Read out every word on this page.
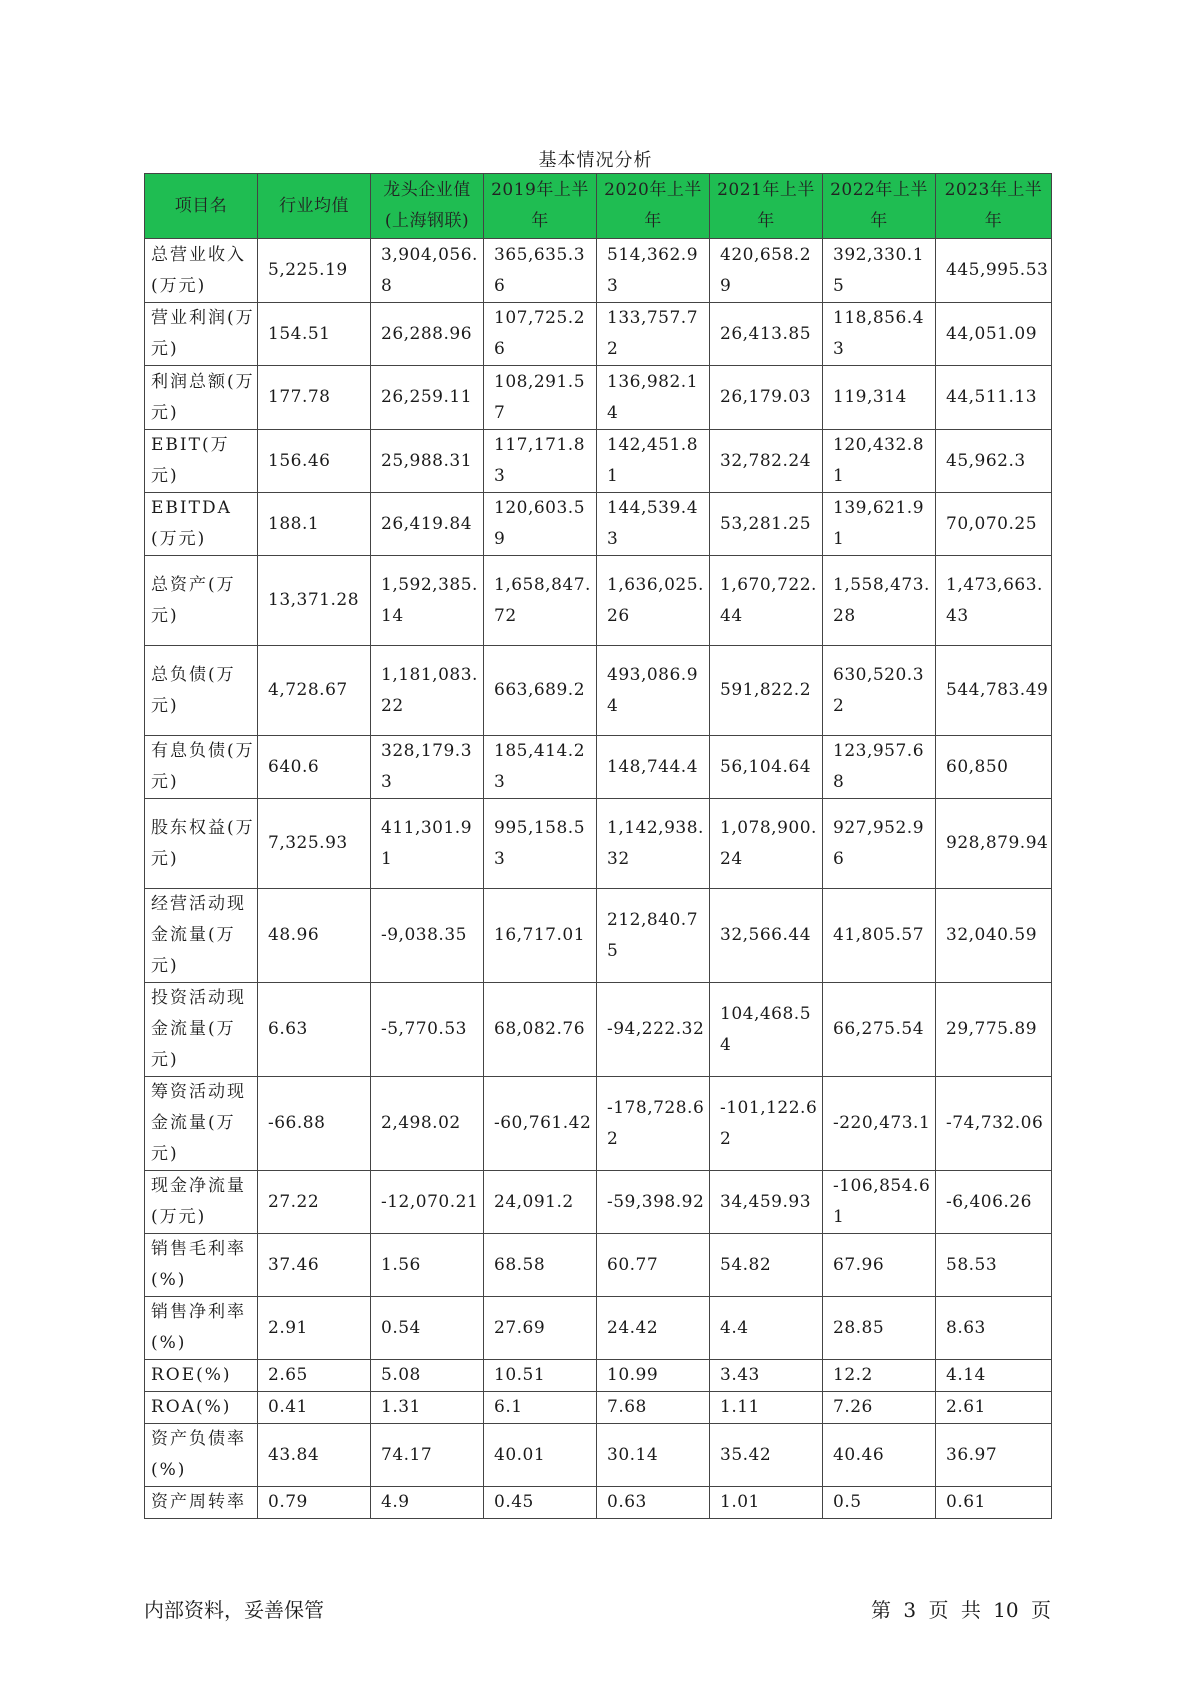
基本情况分析
项目名	行业均值	龙头企业值(上海钢联)	2019年上半年	2020年上半年	2021年上半年	2022年上半年	2023年上半年
总营业收入(万元)	5,225.19	3,904,056.8	365,635.36	514,362.93	420,658.29	392,330.15	445,995.53
营业利润(万元)	154.51	26,288.96	107,725.26	133,757.72	26,413.85	118,856.43	44,051.09
利润总额(万元)	177.78	26,259.11	108,291.57	136,982.14	26,179.03	119,314	44,511.13
EBIT(万元)	156.46	25,988.31	117,171.83	142,451.81	32,782.24	120,432.81	45,962.3
EBITDA(万元)	188.1	26,419.84	120,603.59	144,539.43	53,281.25	139,621.91	70,070.25
总资产(万元)	13,371.28	1,592,385.14	1,658,847.72	1,636,025.26	1,670,722.44	1,558,473.28	1,473,663.43
总负债(万元)	4,728.67	1,181,083.22	663,689.2	493,086.94	591,822.2	630,520.32	544,783.49
有息负债(万元)	640.6	328,179.33	185,414.23	148,744.4	56,104.64	123,957.68	60,850
股东权益(万元)	7,325.93	411,301.91	995,158.53	1,142,938.32	1,078,900.24	927,952.96	928,879.94
经营活动现金流量(万元)	48.96	-9,038.35	16,717.01	212,840.75	32,566.44	41,805.57	32,040.59
投资活动现金流量(万元)	6.63	-5,770.53	68,082.76	-94,222.32	104,468.54	66,275.54	29,775.89
筹资活动现金流量(万元)	-66.88	2,498.02	-60,761.42	-178,728.62	-101,122.62	-220,473.1	-74,732.06
现金净流量(万元)	27.22	-12,070.21	24,091.2	-59,398.92	34,459.93	-106,854.61	-6,406.26
销售毛利率(%)	37.46	1.56	68.58	60.77	54.82	67.96	58.53
销售净利率(%)	2.91	0.54	27.69	24.42	4.4	28.85	8.63
ROE(%)	2.65	5.08	10.51	10.99	3.43	12.2	4.14
ROA(%)	0.41	1.31	6.1	7.68	1.11	7.26	2.61
资产负债率(%)	43.84	74.17	40.01	30.14	35.42	40.46	36.97
资产周转率	0.79	4.9	0.45	0.63	1.01	0.5	0.61
内部资料，妥善保管	第 3 页 共 10 页
